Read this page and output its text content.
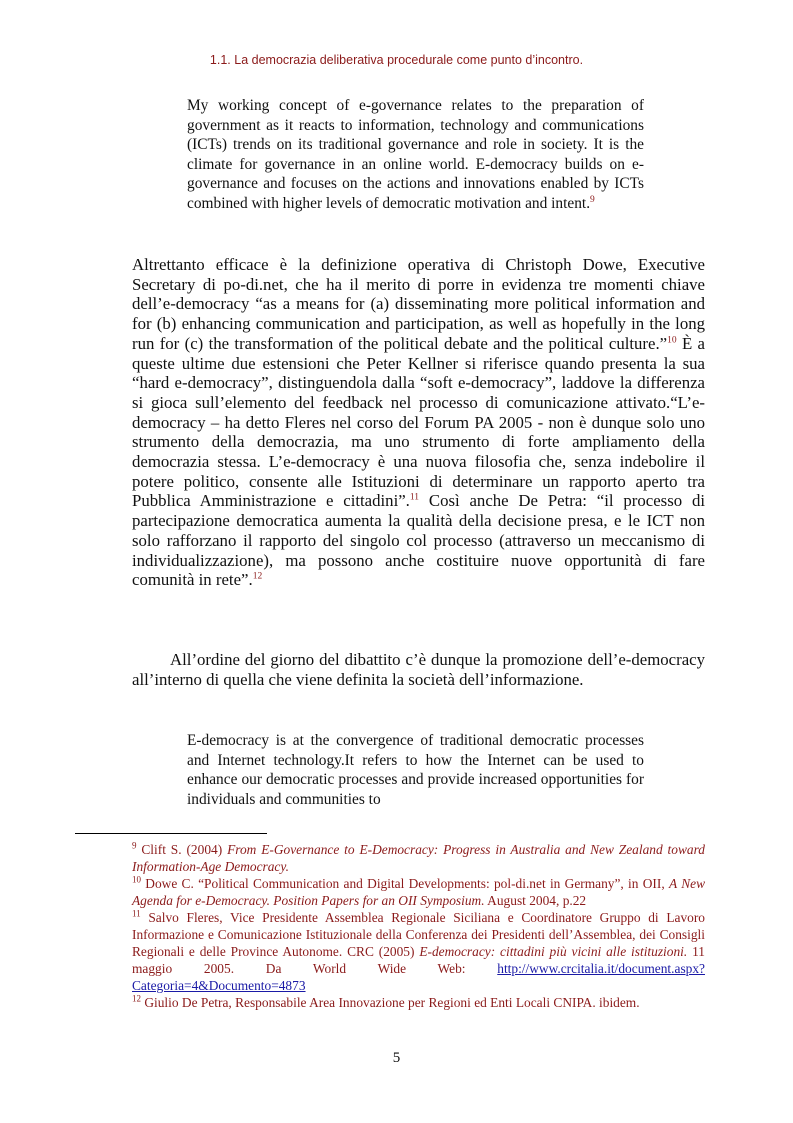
1.1. La democrazia deliberativa procedurale come punto d’incontro.
My working concept of e-governance relates to the preparation of government as it reacts to information, technology and communications (ICTs) trends on its traditional governance and role in society. It is the climate for governance in an online world. E-democracy builds on e-governance and focuses on the actions and innovations enabled by ICTs combined with higher levels of democratic motivation and intent.$^9$
Altrettanto efficace è la definizione operativa di Christoph Dowe, Executive Secretary di po-di.net, che ha il merito di porre in evidenza tre momenti chiave dell’e-democracy “as a means for (a) disseminating more political information and for (b) enhancing communication and participation, as well as hopefully in the long run for (c) the transformation of the political debate and the political culture.”$^{10}$ È a queste ultime due estensioni che Peter Kellner si riferisce quando presenta la sua “hard e-democracy”, distinguendola dalla “soft e-democracy”, laddove la differenza si gioca sull’elemento del feedback nel processo di comunicazione attivato.“L’e-democracy – ha detto Fleres nel corso del Forum PA 2005 - non è dunque solo uno strumento della democrazia, ma uno strumento di forte ampliamento della democrazia stessa. L’e-democracy è una nuova filosofia che, senza indebolire il potere politico, consente alle Istituzioni di determinare un rapporto aperto tra Pubblica Amministrazione e cittadini”.$^{11}$ Così anche De Petra: “il processo di partecipazione democratica aumenta la qualità della decisione presa, e le ICT non solo rafforzano il rapporto del singolo col processo (attraverso un meccanismo di individualizzazione), ma possono anche costituire nuove opportunità di fare comunità in rete”.$^{12}$
All’ordine del giorno del dibattito c’è dunque la promozione dell’e-democracy all’interno di quella che viene definita la società dell’informazione.
E-democracy is at the convergence of traditional democratic processes and Internet technology.It refers to how the Internet can be used to enhance our democratic processes and provide increased opportunities for individuals and communities to

$^9$ Clift S. (2004) From E-Governance to E-Democracy: Progress in Australia and New Zealand toward Information-Age Democracy.

$^{10}$ Dowe C. “Political Communication and Digital Developments: pol-di.net in Germany”, in OII, A New Agenda for e-Democracy. Position Papers for an OII Symposium. August 2004, p.22

$^{11}$ Salvo Fleres, Vice Presidente Assemblea Regionale Siciliana e Coordinatore Gruppo di Lavoro Informazione e Comunicazione Istituzionale della Conferenza dei Presidenti dell’Assemblea, dei Consigli Regionali e delle Province Autonome. CRC (2005) E-democracy: cittadini più vicini alle istituzioni. 11 maggio 2005. Da World Wide Web: http://www.crcitalia.it/document.aspx?Categoria=4&Documento=4873

$^{12}$ Giulio De Petra, Responsabile Area Innovazione per Regioni ed Enti Locali CNIPA. ibidem.

5
